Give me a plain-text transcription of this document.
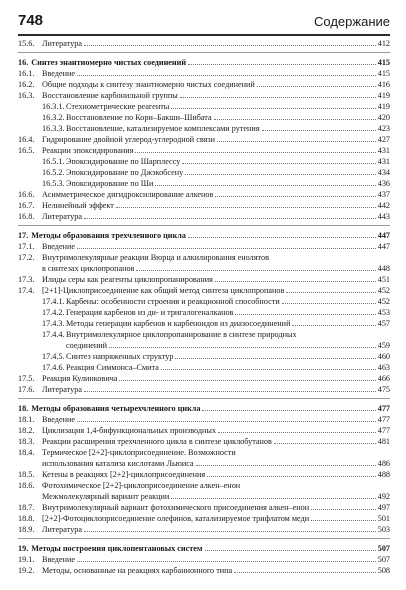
748	Содержание
15.6. Литература	412
16. Синтез энантиомерно чистых соединений	415
16.1. Введение	415
16.2. Общие подходы к синтезу энантиомерно чистых соединений	416
16.3. Восстановление карбонильной группы	419
16.3.1. Стехиометрические реагенты	419
16.3.2. Восстановление по Кори–Бакши–Шибата	420
16.3.3. Восстановление, катализируемое комплексами рутения	423
16.4. Гидрирование двойной углерод-углеродной связи	427
16.5. Реакции эпоксидирования	431
16.5.1. Эпоксидирование по Шарплессу	431
16.5.2. Эпоксидирование по Джэкобсену	434
16.5.3. Эпоксидирование по Ши	436
16.6. Асимметрическое дигидроксилирование алкенов	437
16.7. Нелинейный эффект	442
16.8. Литература	443
17. Методы образования трехчленного цикла	447
17.1. Введение	447
17.2. Внутримолекулярные реакции Вюрца и алкилирования енолятов
в синтезах циклопропанов	448
17.3. Илиды серы как реагенты циклопропанирования	451
17.4. [2+1]-Циклоприсоединение как общий метод синтеза циклопропанов	452
17.4.1. Карбены: особенности строения и реакционной способности	452
17.4.2. Генерация карбенов из ди- и тригалогеналканов	453
17.4.3. Методы генерации карбенов и карбеноидов из диазосоединений	457
17.4.4. Внутримолекулярное циклопропанирование в синтезе природных
соединений	459
17.4.5. Синтез напряженных структур	460
17.4.6. Реакция Симмонса–Смита	463
17.5. Реакция Кулинковича	466
17.6. Литература	475
18. Методы образования четырехчленного цикла	477
18.1. Введение	477
18.2. Циклизация 1,4-бифункциональных производных	477
18.3. Реакции расширения трехчленного цикла в синтезе циклобутанов	481
18.4. Термическое [2+2]-циклоприсоединение. Возможности
использования катализа кислотами Льюиса	486
18.5. Кетены в реакциях [2+2]-циклоприсоединения	488
18.6. Фотохимическое [2+2]-циклоприсоединение алкен–енон
Межмолекулярный вариант реакции	492
18.7. Внутримолекулярный вариант фотохимического присоединения алкен–енон	497
18.8. [2+2]-Фотоциклоприсоединение олефинов, катализируемое трифлатом меди	501
18.9. Литература	503
19. Методы построения циклопентановых систем	507
19.1. Введение	507
19.2. Методы, основанные на реакциях карбанионного типа	508
